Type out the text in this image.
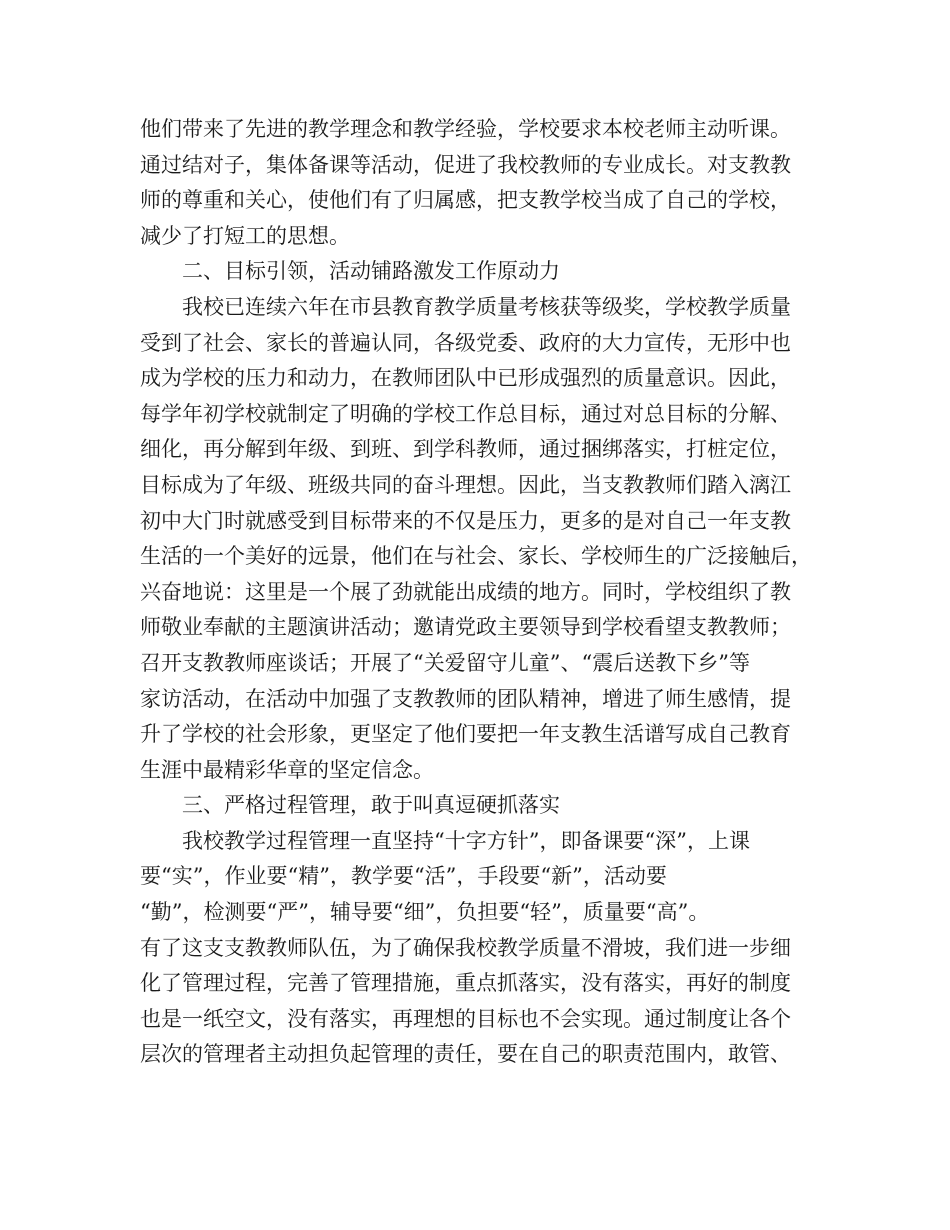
他们带来了先进的教学理念和教学经验，学校要求本校老师主动听课。
通过结对子，集体备课等活动，促进了我校教师的专业成长。对支教教
师的尊重和关心，使他们有了归属感，把支教学校当成了自己的学校，
减少了打短工的思想。
二、目标引领，活动铺路激发工作原动力
我校已连续六年在市县教育教学质量考核获等级奖，学校教学质量
受到了社会、家长的普遍认同，各级党委、政府的大力宣传，无形中也
成为学校的压力和动力，在教师团队中已形成强烈的质量意识。因此，
每学年初学校就制定了明确的学校工作总目标，通过对总目标的分解、
细化，再分解到年级、到班、到学科教师，通过捆绑落实，打桩定位，
目标成为了年级、班级共同的奋斗理想。因此，当支教教师们踏入漓江
初中大门时就感受到目标带来的不仅是压力，更多的是对自己一年支教
生活的一个美好的远景，他们在与社会、家长、学校师生的广泛接触后，
兴奋地说：这里是一个展了劲就能出成绩的地方。同时，学校组织了教
师敬业奉献的主题演讲活动；邀请党政主要领导到学校看望支教教师；
召开支教教师座谈话；开展了“关爱留守儿童”、“震后送教下乡”等
家访活动，在活动中加强了支教教师的团队精神，增进了师生感情，提
升了学校的社会形象，更坚定了他们要把一年支教生活谱写成自己教育
生涯中最精彩华章的坚定信念。
三、严格过程管理，敢于叫真逗硬抓落实
我校教学过程管理一直坚持“十字方针”，即备课要“深”，上课
要“实”，作业要“精”，教学要“活”，手段要“新”，活动要
“勤”，检测要“严”，辅导要“细”，负担要“轻”，质量要“高”。
有了这支支教教师队伍，为了确保我校教学质量不滑坡，我们进一步细
化了管理过程，完善了管理措施，重点抓落实，没有落实，再好的制度
也是一纸空文，没有落实，再理想的目标也不会实现。通过制度让各个
层次的管理者主动担负起管理的责任，要在自己的职责范围内，敢管、
